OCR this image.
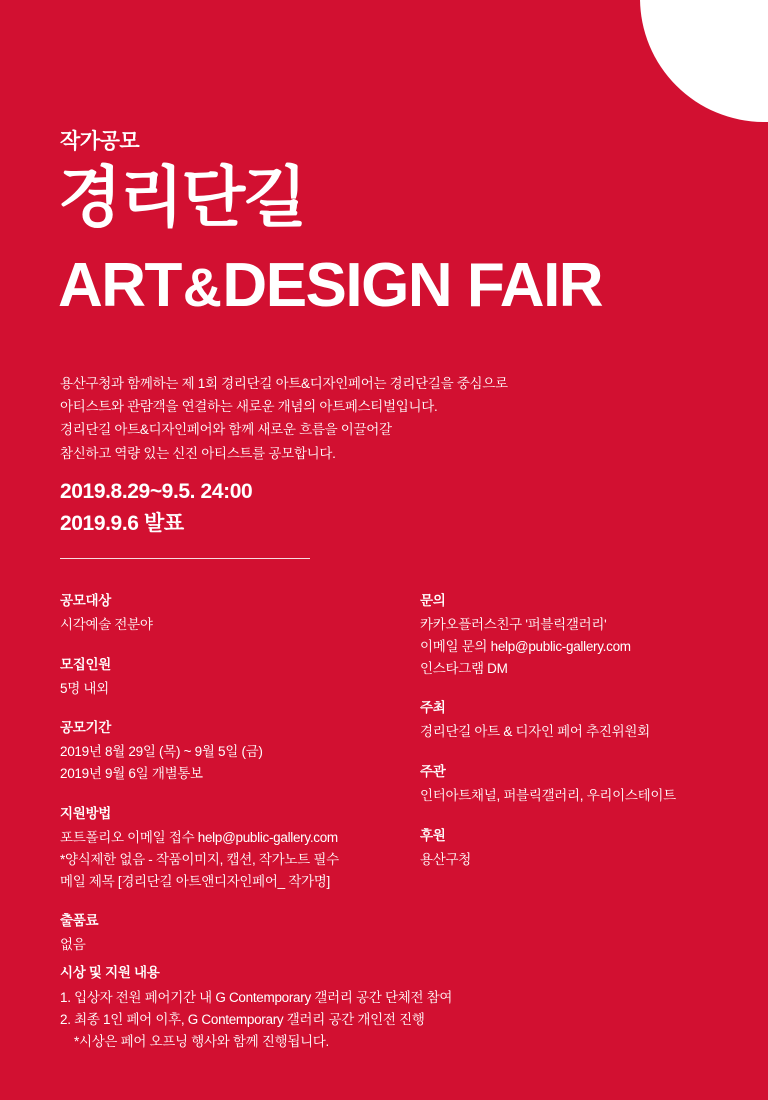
작가공모
경리단길
ART&DESIGN FAIR
용산구청과 함께하는 제 1회 경리단길 아트&디자인페어는 경리단길을 중심으로
아티스트와 관람객을 연결하는 새로운 개념의 아트페스티벌입니다.
경리단길 아트&디자인페어와 함께 새로운 흐름을 이끌어갈
참신하고 역량 있는 신진 아티스트를 공모합니다.
2019.8.29~9.5. 24:00
2019.9.6 발표
공모대상
시각예술 전분야
모집인원
5명 내외
공모기간
2019년 8월 29일 (목) ~ 9월 5일 (금)
2019년 9월 6일 개별통보
지원방법
포트폴리오 이메일 접수 help@public-gallery.com
*양식제한 없음 - 작품이미지, 캡션, 작가노트 필수
메일 제목 [경리단길 아트앤디자인페어_ 작가명]
출품료
없음
문의
카카오플러스친구 '퍼블릭갤러리'
이메일 문의 help@public-gallery.com
인스타그램 DM
주최
경리단길 아트 & 디자인 페어 추진위원회
주관
인터아트채널, 퍼블릭갤러리, 우리이스테이트
후원
용산구청
시상 및 지원 내용
1. 입상자 전원 페어기간 내 G Contemporary 갤러리 공간 단체전 참여
2. 최종 1인 페어 이후, G Contemporary 갤러리 공간 개인전 진행
*시상은 페어 오프닝 행사와 함께 진행됩니다.
